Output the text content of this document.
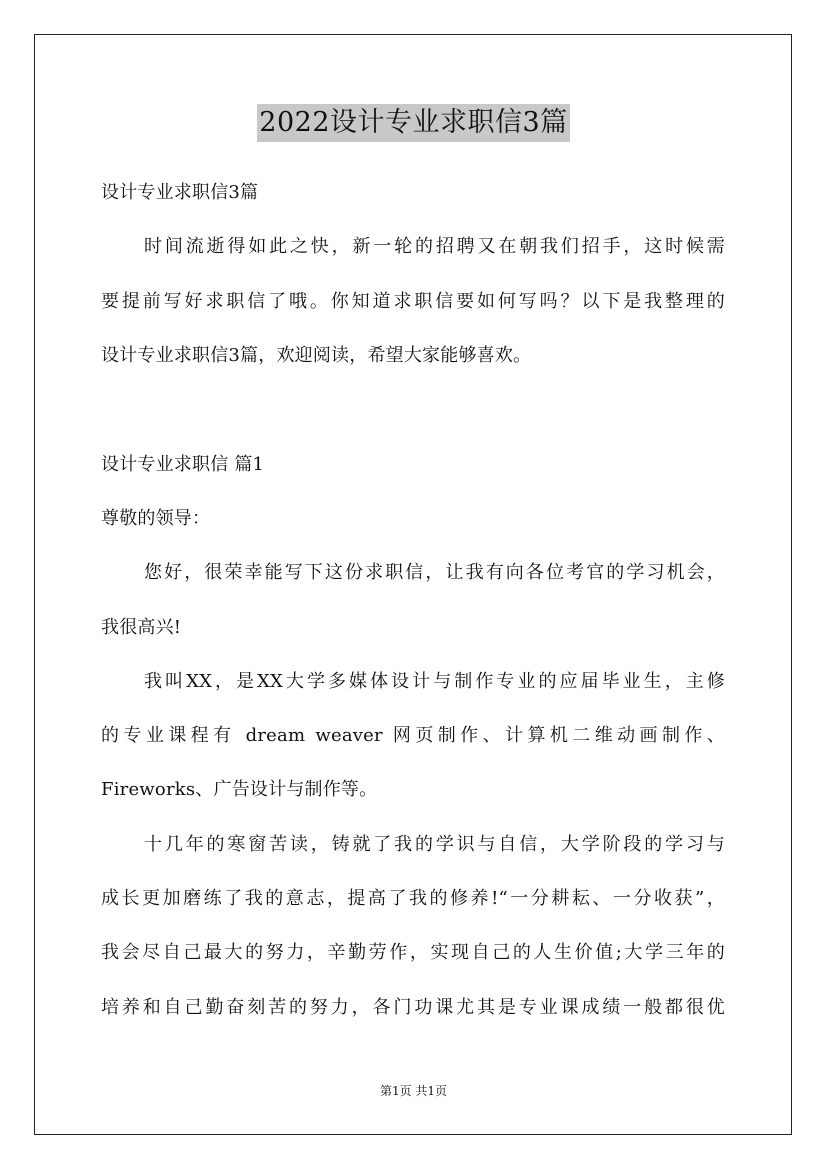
2022设计专业求职信3篇
设计专业求职信3篇
时间流逝得如此之快，新一轮的招聘又在朝我们招手，这时候需
要提前写好求职信了哦。你知道求职信要如何写吗？以下是我整理的
设计专业求职信3篇，欢迎阅读，希望大家能够喜欢。
设计专业求职信 篇1
尊敬的领导：
您好，很荣幸能写下这份求职信，让我有向各位考官的学习机会，
我很高兴!
我叫XX，是XX大学多媒体设计与制作专业的应届毕业生，主修
的专业课程有 dream weaver 网页制作、计算机二维动画制作、
Fireworks、广告设计与制作等。
十几年的寒窗苦读，铸就了我的学识与自信，大学阶段的学习与
成长更加磨练了我的意志，提高了我的修养!“一分耕耘、一分收获”，
我会尽自己最大的努力，辛勤劳作，实现自己的人生价值;大学三年的
培养和自己勤奋刻苦的努力，各门功课尤其是专业课成绩一般都很优
第1页 共1页
